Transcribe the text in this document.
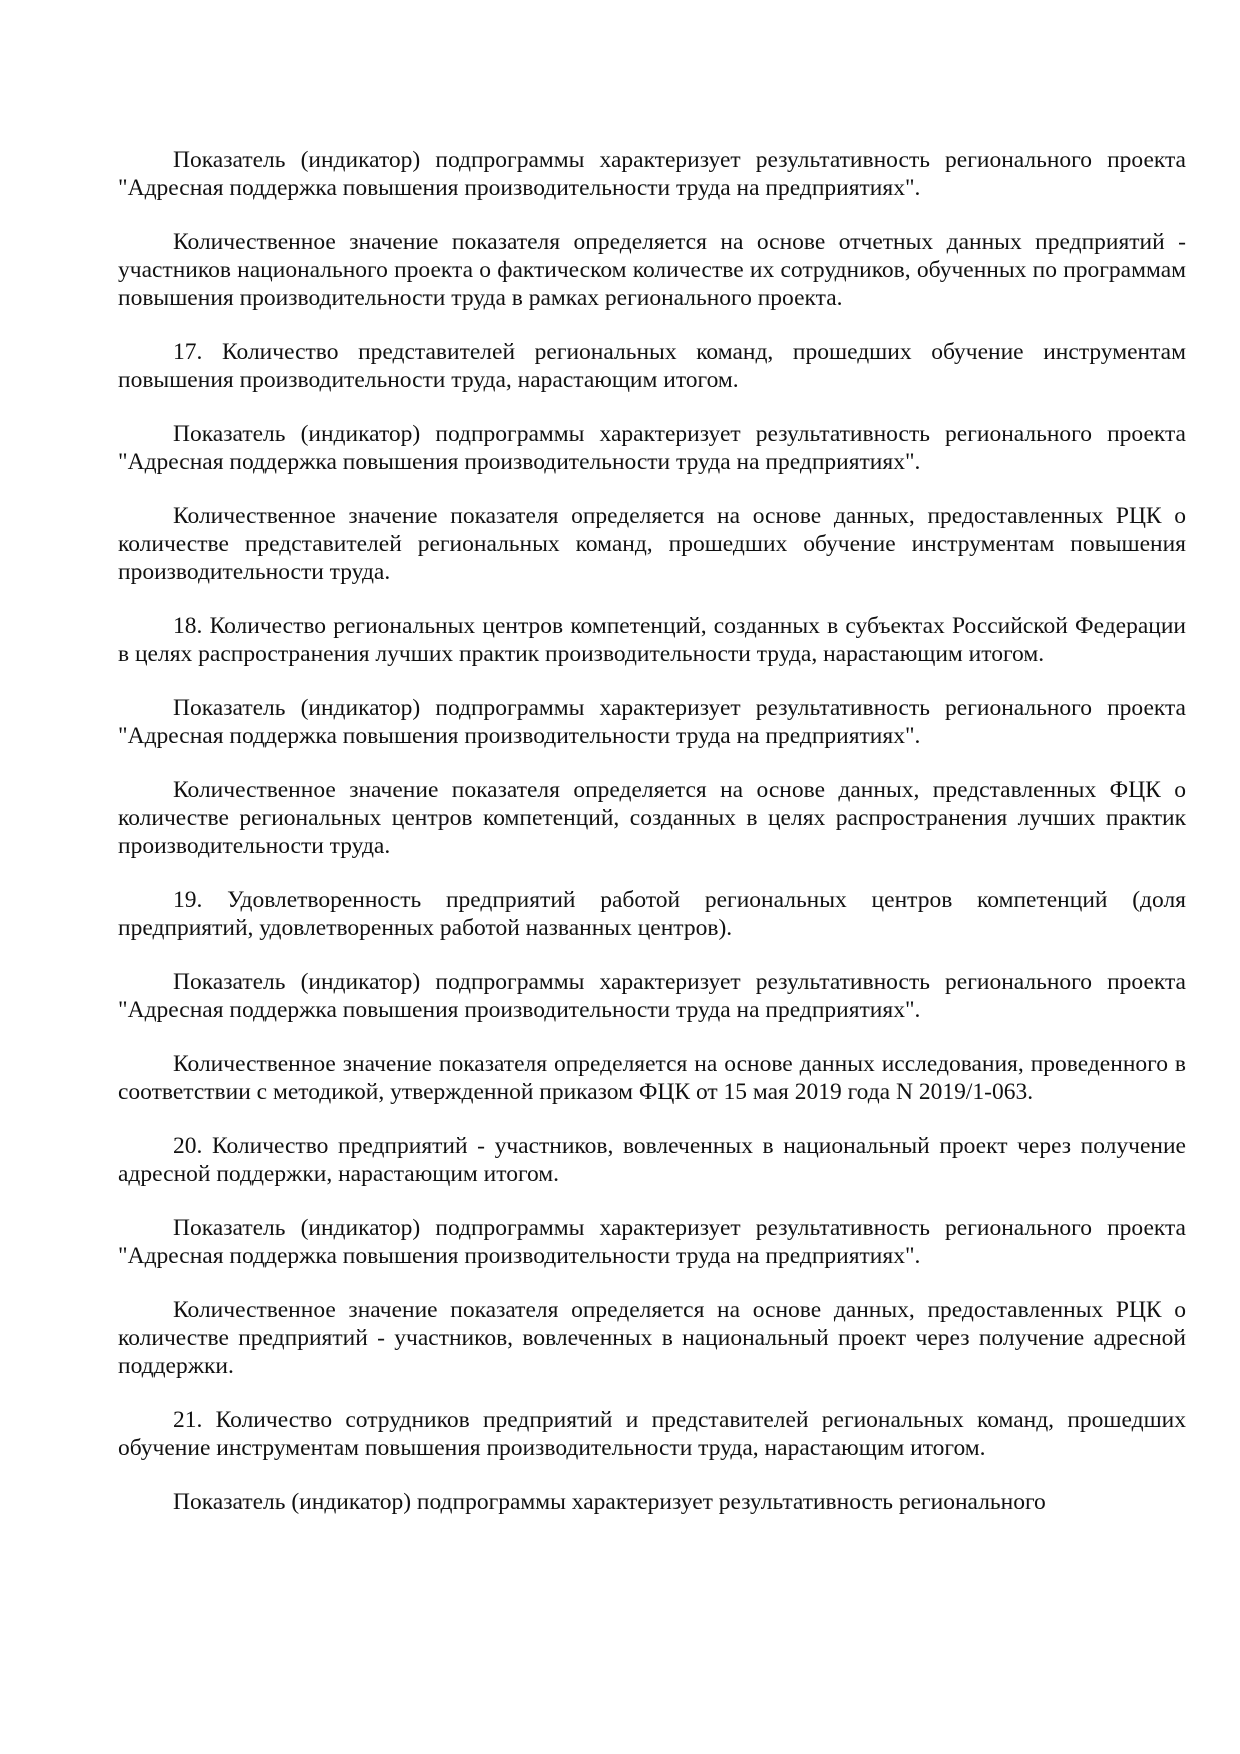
Показатель (индикатор) подпрограммы характеризует результативность регионального проекта "Адресная поддержка повышения производительности труда на предприятиях".

Количественное значение показателя определяется на основе отчетных данных предприятий - участников национального проекта о фактическом количестве их сотрудников, обученных по программам повышения производительности труда в рамках регионального проекта.

17. Количество представителей региональных команд, прошедших обучение инструментам повышения производительности труда, нарастающим итогом.

Показатель (индикатор) подпрограммы характеризует результативность регионального проекта "Адресная поддержка повышения производительности труда на предприятиях".

Количественное значение показателя определяется на основе данных, предоставленных РЦК о количестве представителей региональных команд, прошедших обучение инструментам повышения производительности труда.

18. Количество региональных центров компетенций, созданных в субъектах Российской Федерации в целях распространения лучших практик производительности труда, нарастающим итогом.

Показатель (индикатор) подпрограммы характеризует результативность регионального проекта "Адресная поддержка повышения производительности труда на предприятиях".

Количественное значение показателя определяется на основе данных, представленных ФЦК о количестве региональных центров компетенций, созданных в целях распространения лучших практик производительности труда.

19. Удовлетворенность предприятий работой региональных центров компетенций (доля предприятий, удовлетворенных работой названных центров).

Показатель (индикатор) подпрограммы характеризует результативность регионального проекта "Адресная поддержка повышения производительности труда на предприятиях".

Количественное значение показателя определяется на основе данных исследования, проведенного в соответствии с методикой, утвержденной приказом ФЦК от 15 мая 2019 года N 2019/1-063.

20. Количество предприятий - участников, вовлеченных в национальный проект через получение адресной поддержки, нарастающим итогом.

Показатель (индикатор) подпрограммы характеризует результативность регионального проекта "Адресная поддержка повышения производительности труда на предприятиях".

Количественное значение показателя определяется на основе данных, предоставленных РЦК о количестве предприятий - участников, вовлеченных в национальный проект через получение адресной поддержки.

21. Количество сотрудников предприятий и представителей региональных команд, прошедших обучение инструментам повышения производительности труда, нарастающим итогом.

Показатель (индикатор) подпрограммы характеризует результативность регионального
